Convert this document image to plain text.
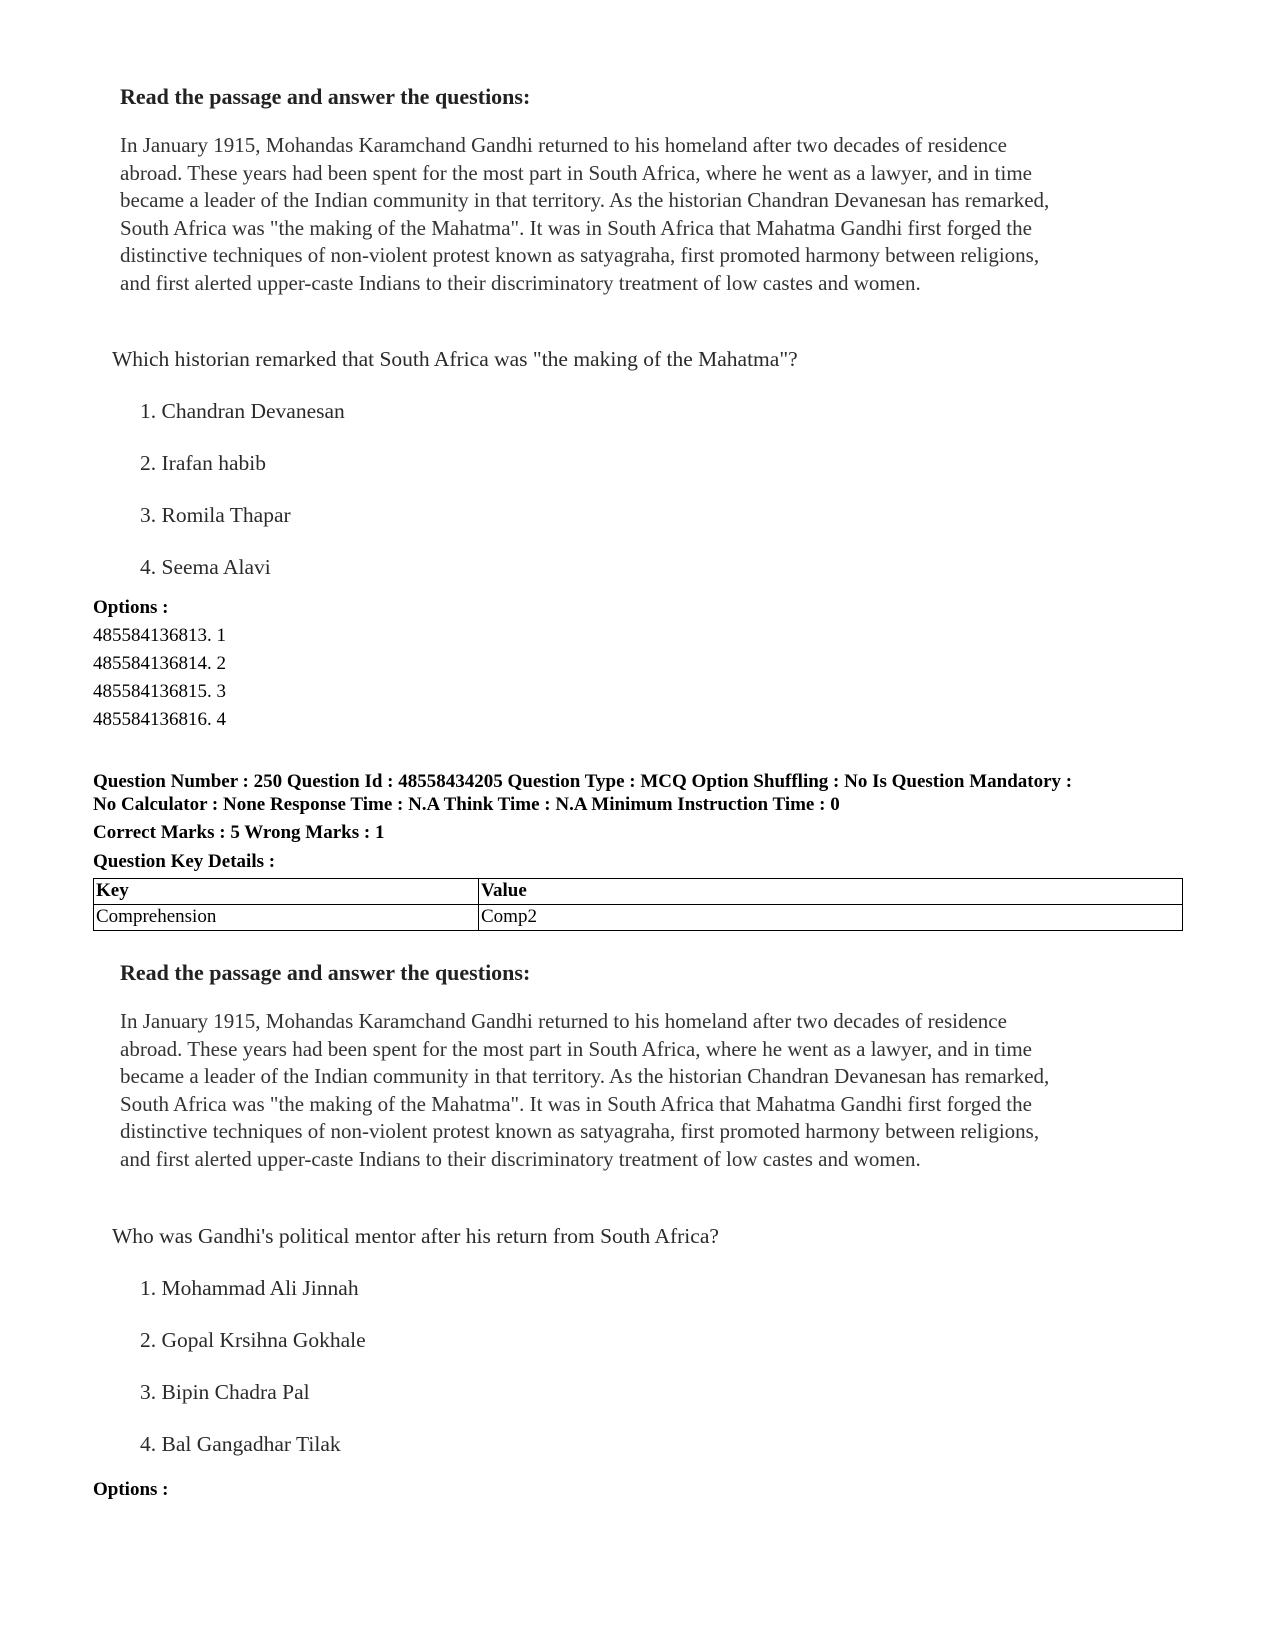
Read the passage and answer the questions:
In January 1915, Mohandas Karamchand Gandhi returned to his homeland after two decades of residence
abroad. These years had been spent for the most part in South Africa, where he went as a lawyer, and in time
became a leader of the Indian community in that territory. As the historian Chandran Devanesan has remarked,
South Africa was "the making of the Mahatma". It was in South Africa that Mahatma Gandhi first forged the
distinctive techniques of non-violent protest known as satyagraha, first promoted harmony between religions,
and first alerted upper-caste Indians to their discriminatory treatment of low castes and women.

Which historian remarked that South Africa was "the making of the Mahatma"?

1. Chandran Devanesan
2. Irafan habib
3. Romila Thapar
4. Seema Alavi
Options :
485584136813. 1
485584136814. 2
485584136815. 3
485584136816. 4
Question Number : 250 Question Id : 48558434205 Question Type : MCQ Option Shuffling : No Is Question Mandatory :
No Calculator : None Response Time : N.A Think Time : N.A Minimum Instruction Time : 0
Correct Marks : 5 Wrong Marks : 1
Question Key Details :
Key	Value
Comprehension	Comp2
Read the passage and answer the questions:
In January 1915, Mohandas Karamchand Gandhi returned to his homeland after two decades of residence
abroad. These years had been spent for the most part in South Africa, where he went as a lawyer, and in time
became a leader of the Indian community in that territory. As the historian Chandran Devanesan has remarked,
South Africa was "the making of the Mahatma". It was in South Africa that Mahatma Gandhi first forged the
distinctive techniques of non-violent protest known as satyagraha, first promoted harmony between religions,
and first alerted upper-caste Indians to their discriminatory treatment of low castes and women.

Who was Gandhi's political mentor after his return from South Africa?

1. Mohammad Ali Jinnah
2. Gopal Krsihna Gokhale
3. Bipin Chadra Pal
4. Bal Gangadhar Tilak
Options :
